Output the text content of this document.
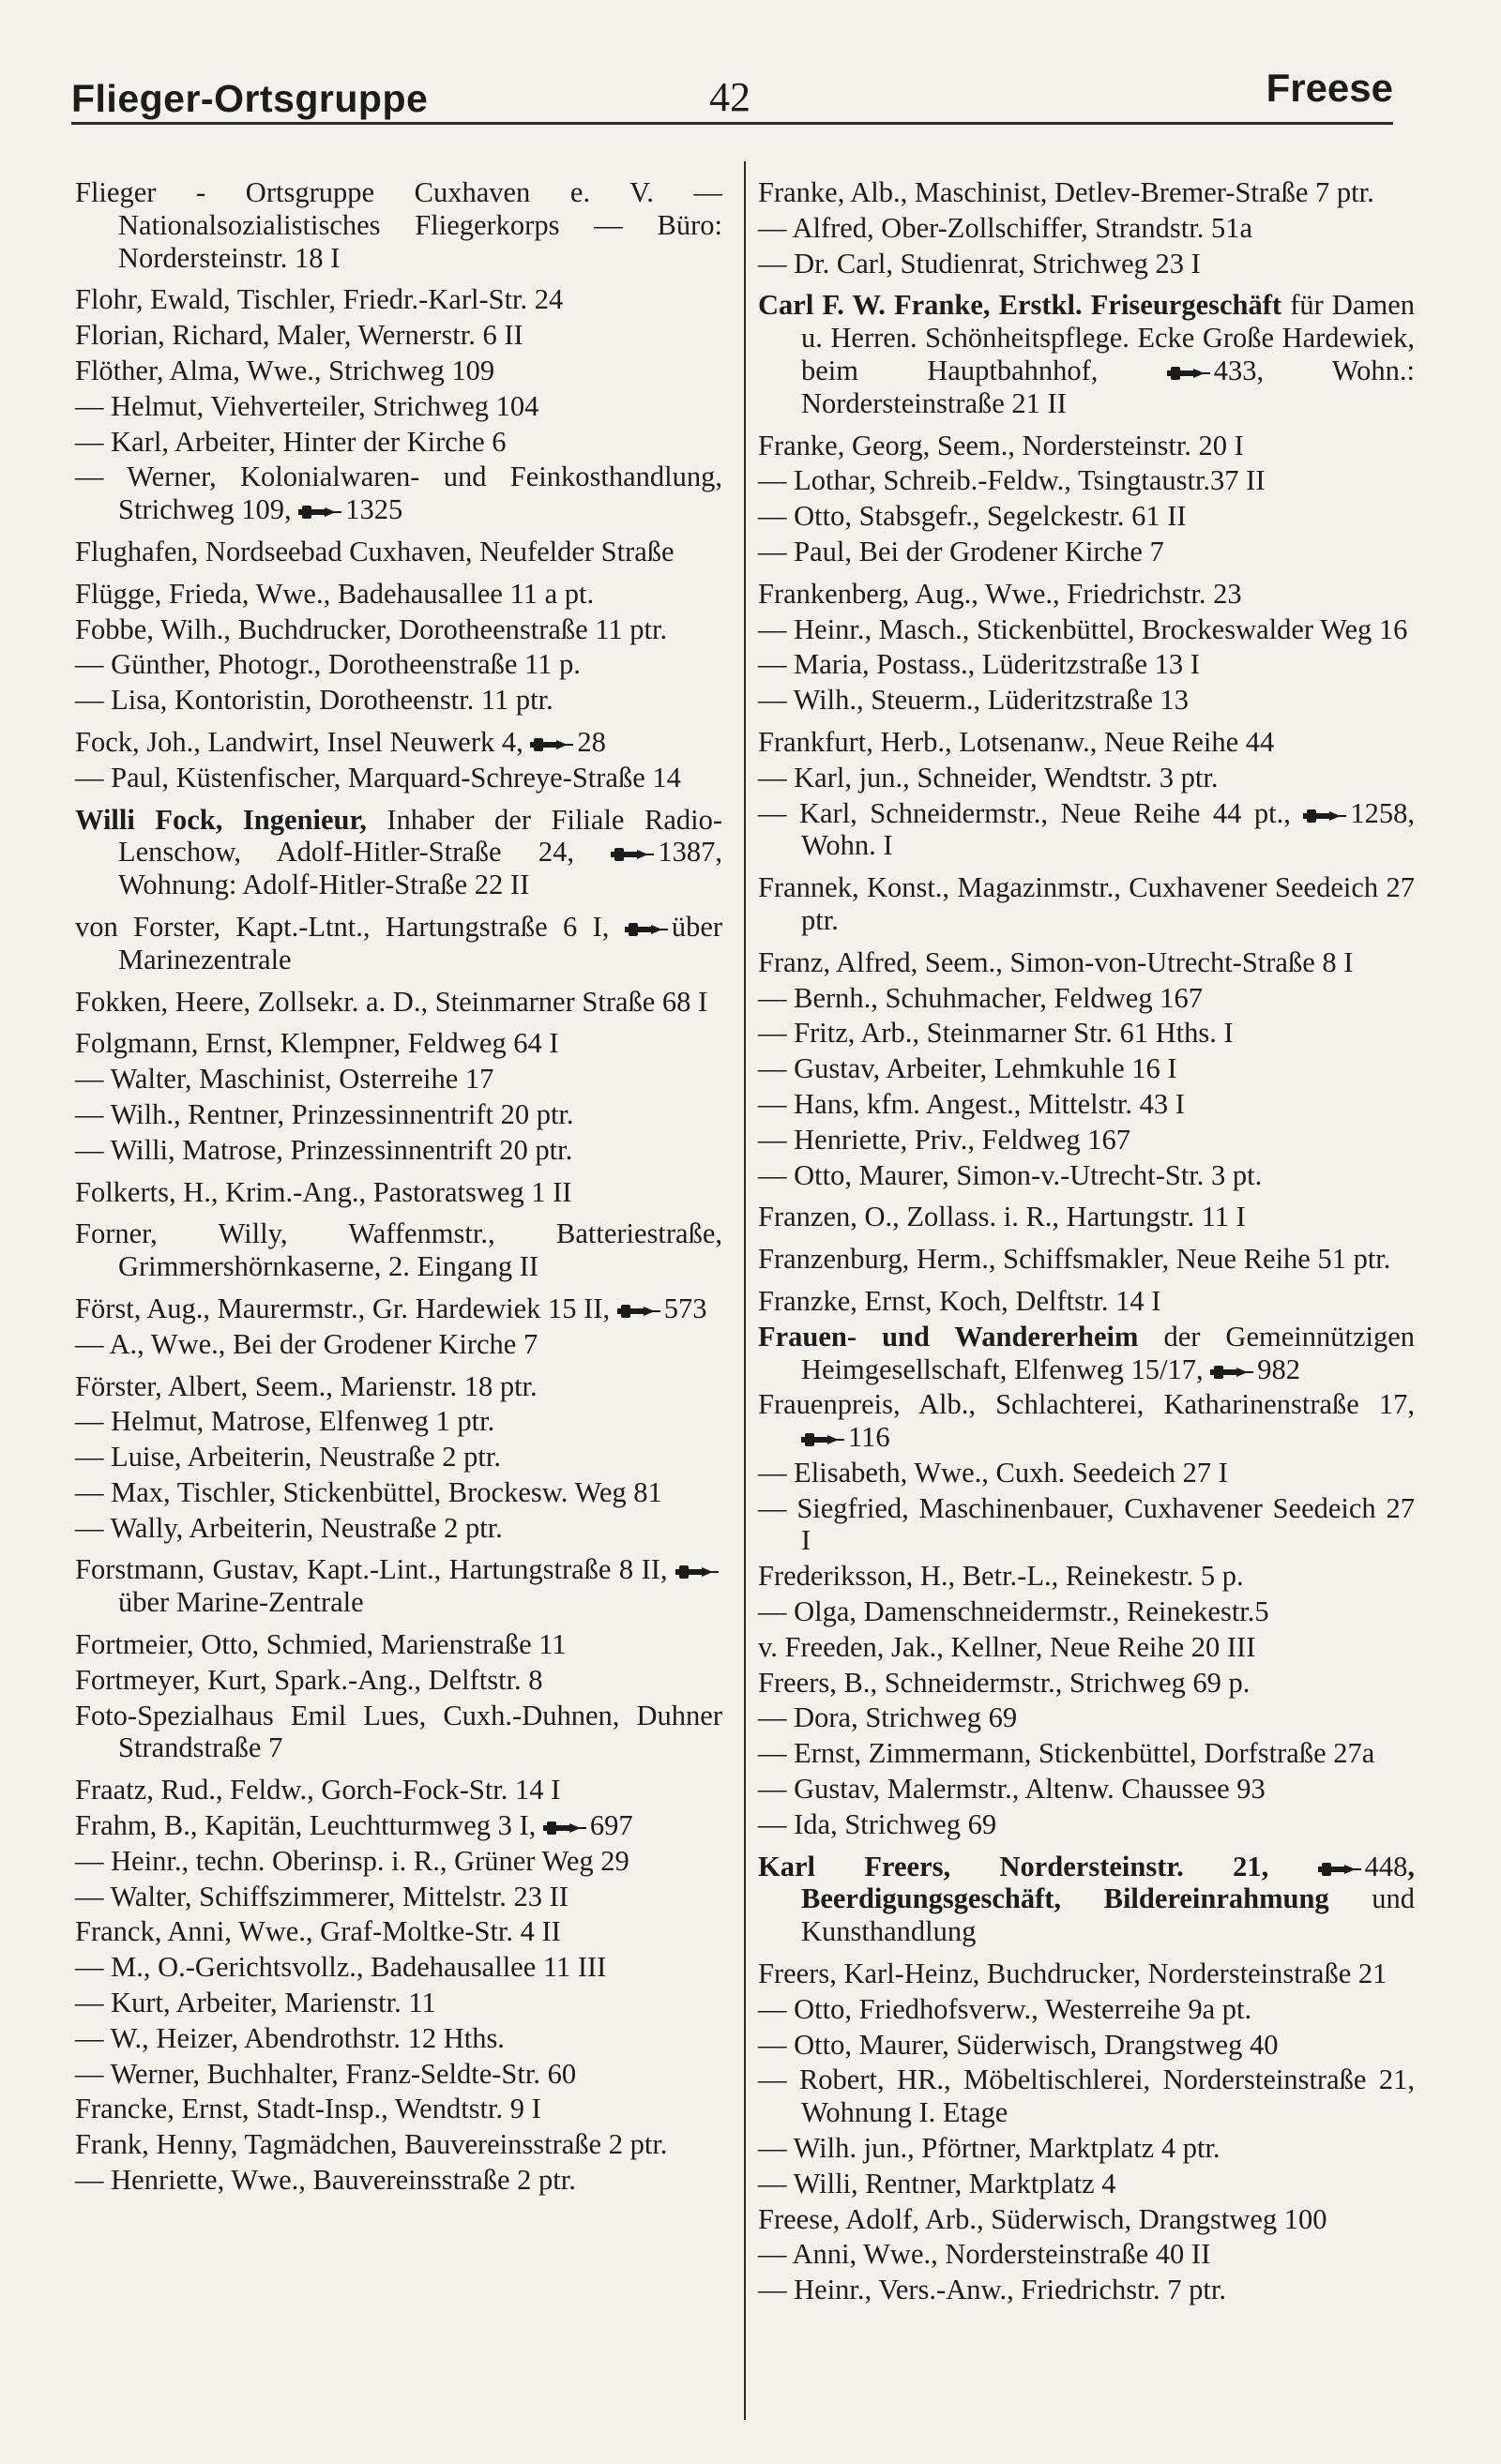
Flieger-Ortsgruppe	42	Freese
Flieger - Ortsgruppe Cuxhaven e. V. — Nationalsozialistisches Fliegerkorps — Büro: Nordersteinstr. 18 I
Flohr, Ewald, Tischler, Friedr.-Karl-Str. 24
Florian, Richard, Maler, Wernerstr. 6 II
Flöther, Alma, Wwe., Strichweg 109
— Helmut, Viehverteiler, Strichweg 104
— Karl, Arbeiter, Hinter der Kirche 6
— Werner, Kolonialwaren- und Feinkosthandlung, Strichweg 109, 1325
Flughafen, Nordseebad Cuxhaven, Neufelder Straße
Flügge, Frieda, Wwe., Badehausallee 11 a pt.
Fobbe, Wilh., Buchdrucker, Dorotheenstraße 11 ptr.
— Günther, Photogr., Dorotheenstraße 11 p.
— Lisa, Kontoristin, Dorotheenstr. 11 ptr.
Fock, Joh., Landwirt, Insel Neuwerk 4, 28
— Paul, Küstenfischer, Marquard-Schreye-Straße 14
Willi Fock, Ingenieur, Inhaber der Filiale Radio-Lenschow, Adolf-Hitler-Straße 24,	1387, Wohnung: Adolf-Hitler-Straße 22 II
von Forster, Kapt.-Ltnt., Hartungstraße 6 I, über Marinezentrale
Fokken, Heere, Zollsekr. a. D., Steinmarner Straße 68 I
Folgmann, Ernst, Klempner, Feldweg 64 I
— Walter, Maschinist, Osterreihe 17
— Wilh., Rentner, Prinzessinnentrift 20 ptr.
— Willi, Matrose, Prinzessinnentrift 20 ptr.
Folkerts, H., Krim.-Ang., Pastoratsweg 1 II
Forner, Willy, Waffenmstr., Batteriestraße, Grimmershörnkaserne, 2. Eingang II
Först, Aug., Maurermstr., Gr. Hardewiek 15 II, 573
— A., Wwe., Bei der Grodener Kirche 7
Förster, Albert, Seem., Marienstr. 18 ptr.
— Helmut, Matrose, Elfenweg 1 ptr.
— Luise, Arbeiterin, Neustraße 2 ptr.
— Max, Tischler, Stickenbüttel, Brockesw. Weg 81
— Wally, Arbeiterin, Neustraße 2 ptr.
Forstmann, Gustav, Kapt.-Lint., Hartungstraße 8 II, über Marine-Zentrale
Fortmeier, Otto, Schmied, Marienstraße 11
Fortmeyer, Kurt, Spark.-Ang., Delftstr. 8
Foto-Spezialhaus Emil Lues, Cuxh.-Duhnen, Duhner Strandstraße 7
Fraatz, Rud., Feldw., Gorch-Fock-Str. 14 I
Frahm, B., Kapitän, Leuchtturmweg 3 I, 697
— Heinr., techn. Oberinsp. i. R., Grüner Weg 29
— Walter, Schiffszimmerer, Mittelstr. 23 II
Franck, Anni, Wwe., Graf-Moltke-Str. 4 II
— M., O.-Gerichtsvollz., Badehausallee 11 III
— Kurt, Arbeiter, Marienstr. 11
— W., Heizer, Abendrothstr. 12 Hths.
— Werner, Buchhalter, Franz-Seldte-Str. 60
Francke, Ernst, Stadt-Insp., Wendtstr. 9 I
Frank, Henny, Tagmädchen, Bauvereinsstraße 2 ptr.
— Henriette, Wwe., Bauvereinsstraße 2 ptr.
Franke, Alb., Maschinist, Detlev-Bremer-Straße 7 ptr.
— Alfred, Ober-Zollschiffer, Strandstr. 51a
— Dr. Carl, Studienrat, Strichweg 23 I
Carl F. W. Franke, Erstkl. Friseurgeschäft für Damen u. Herren. Schönheitspflege. Ecke Große Hardewiek, beim Hauptbahnhof,	433, Wohn.: Nordersteinstraße 21 II
Franke, Georg, Seem., Nordersteinstr. 20 I
— Lothar, Schreib.-Feldw., Tsingtaustr.37 II
— Otto, Stabsgefr., Segelckestr. 61 II
— Paul, Bei der Grodener Kirche 7
Frankenberg, Aug., Wwe., Friedrichstr. 23
— Heinr., Masch., Stickenbüttel, Brockeswalder Weg 16
— Maria, Postass., Lüderitzstraße 13 I
— Wilh., Steuerm., Lüderitzstraße 13
Frankfurt, Herb., Lotsenanw., Neue Reihe 44
— Karl, jun., Schneider, Wendtstr. 3 ptr.
— Karl, Schneidermstr., Neue Reihe 44 pt., 1258, Wohn. I
Frannek, Konst., Magazinmstr., Cuxhavener Seedeich 27 ptr.
Franz, Alfred, Seem., Simon-von-Utrecht-Straße 8 I
— Bernh., Schuhmacher, Feldweg 167
— Fritz, Arb., Steinmarner Str. 61 Hths. I
— Gustav, Arbeiter, Lehmkuhle 16 I
— Hans, kfm. Angest., Mittelstr. 43 I
— Henriette, Priv., Feldweg 167
— Otto, Maurer, Simon-v.-Utrecht-Str. 3 pt.
Franzen, O., Zollass. i. R., Hartungstr. 11 I
Franzenburg, Herm., Schiffsmakler, Neue Reihe 51 ptr.
Franzke, Ernst, Koch, Delftstr. 14 I
Frauen- und Wandererheim der Gemeinnützigen Heimgesellschaft, Elfenweg 15/17, 982
Frauenpreis, Alb., Schlachterei, Katharinenstraße 17, 116
— Elisabeth, Wwe., Cuxh. Seedeich 27 I
— Siegfried, Maschinenbauer, Cuxhavener Seedeich 27 I
Frederiksson, H., Betr.-L., Reinekestr. 5 p.
— Olga, Damenschneidermstr., Reinekestr.5
v. Freeden, Jak., Kellner, Neue Reihe 20 III
Freers, B., Schneidermstr., Strichweg 69 p.
— Dora, Strichweg 69
— Ernst, Zimmermann, Stickenbüttel, Dorfstraße 27a
— Gustav, Malermstr., Altenw. Chaussee 93
— Ida, Strichweg 69
Karl Freers, Nordersteinstr. 21,	448, Beerdigungsgeschäft, Bildereinrahmung und Kunsthandlung
Freers, Karl-Heinz, Buchdrucker, Nordersteinstraße 21
— Otto, Friedhofsverw., Westerreihe 9a pt.
— Otto, Maurer, Süderwisch, Drangstweg 40
— Robert, HR., Möbeltischlerei, Nordersteinstraße 21, Wohnung I. Etage
— Wilh. jun., Pförtner, Marktplatz 4 ptr.
— Willi, Rentner, Marktplatz 4
Freese, Adolf, Arb., Süderwisch, Drangstweg 100
— Anni, Wwe., Nordersteinstraße 40 II
— Heinr., Vers.-Anw., Friedrichstr. 7 ptr.
